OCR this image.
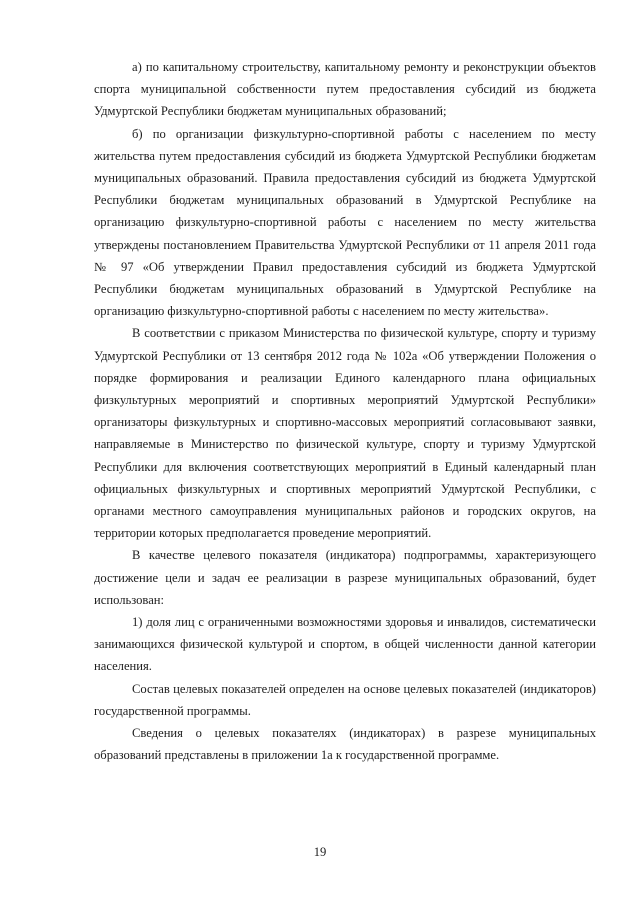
а) по капитальному строительству, капитальному ремонту и реконструкции объектов спорта муниципальной собственности путем предоставления субсидий из бюджета Удмуртской Республики бюджетам муниципальных образований;

б) по организации физкультурно-спортивной работы с населением по месту жительства путем предоставления субсидий из бюджета Удмуртской Республики бюджетам муниципальных образований. Правила предоставления субсидий из бюджета Удмуртской Республики бюджетам муниципальных образований в Удмуртской Республике на организацию физкультурно-спортивной работы с населением по месту жительства утверждены постановлением Правительства Удмуртской Республики от 11 апреля 2011 года № 97 «Об утверждении Правил предоставления субсидий из бюджета Удмуртской Республики бюджетам муниципальных образований в Удмуртской Республике на организацию физкультурно-спортивной работы с населением по месту жительства».

В соответствии с приказом Министерства по физической культуре, спорту и туризму Удмуртской Республики от 13 сентября 2012 года № 102а «Об утверждении Положения о порядке формирования и реализации Единого календарного плана официальных физкультурных мероприятий и спортивных мероприятий Удмуртской Республики» организаторы физкультурных и спортивно-массовых мероприятий согласовывают заявки, направляемые в Министерство по физической культуре, спорту и туризму Удмуртской Республики для включения соответствующих мероприятий в Единый календарный план официальных физкультурных и спортивных мероприятий Удмуртской Республики, с органами местного самоуправления муниципальных районов и городских округов, на территории которых предполагается проведение мероприятий.

В качестве целевого показателя (индикатора) подпрограммы, характеризующего достижение цели и задач ее реализации в разрезе муниципальных образований, будет использован:

1) доля лиц с ограниченными возможностями здоровья и инвалидов, систематически занимающихся физической культурой и спортом, в общей численности данной категории населения.

Состав целевых показателей определен на основе целевых показателей (индикаторов) государственной программы.

Сведения о целевых показателях (индикаторах) в разрезе муниципальных образований представлены в приложении 1а к государственной программе.

19
